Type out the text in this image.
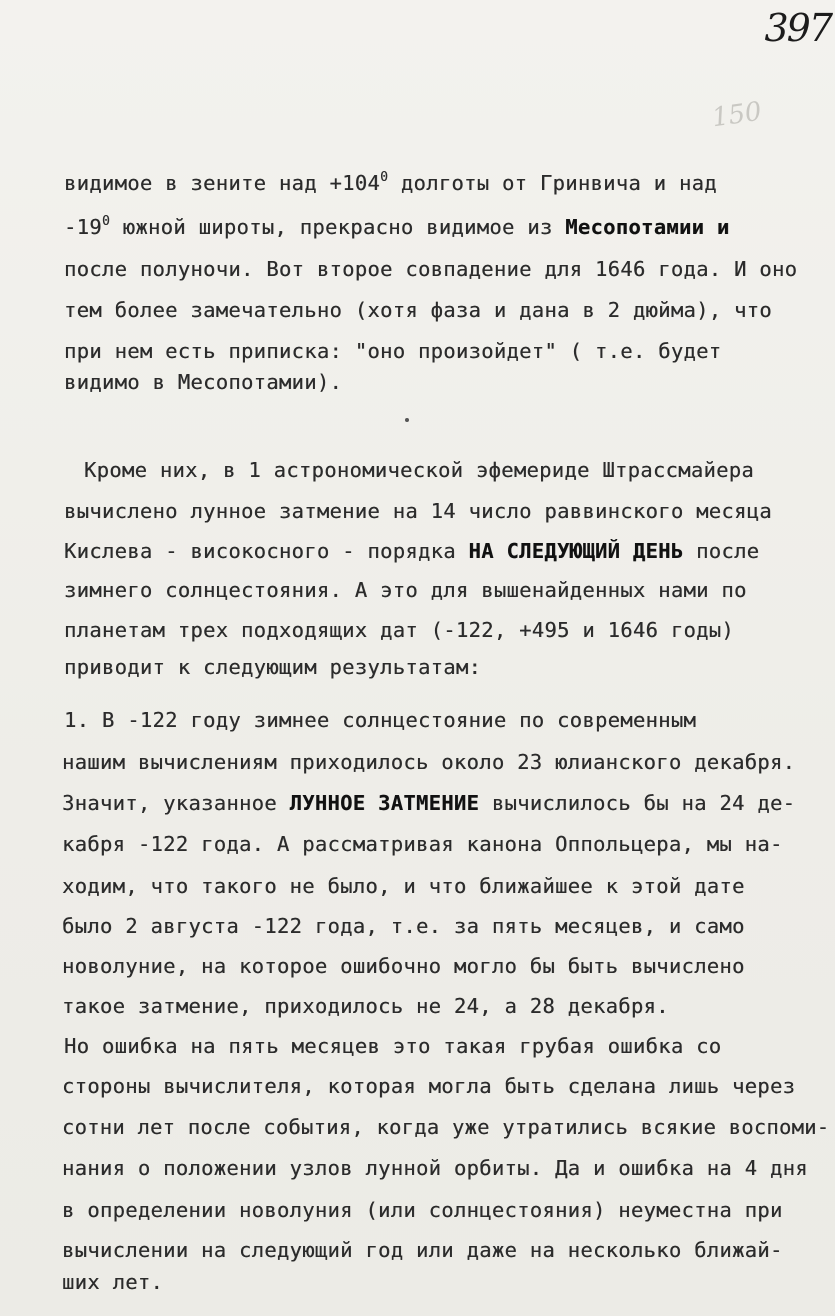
397
150
видимое в зените над $+104^0$ долготы от Гринвича и над
$-19^0$ южной широты, прекрасно видимое из Месопотамии и
после полуночи. Вот второе совпадение для 1646 года. И оно
тем более замечательно (хотя фаза и дана в 2 дюйма), что
при нем есть приписка: "оно произойдет" ( т.е. будет
видимо в Месопотамии).
Кроме них, в 1 астрономической эфемериде Штрассмайера
вычислено лунное затмение на 14 число раввинского месяца
Кислева - високосного - порядка НА СЛЕДУЮЩИЙ ДЕНЬ после
зимнего солнцестояния. А это для вышенайденных нами по
планетам трех подходящих дат (-122, +495 и 1646 годы)
приводит к следующим результатам:
1. В -122 году зимнее солнцестояние по современным
нашим вычислениям приходилось около 23 юлианского декабря.
Значит, указанное ЛУННОЕ ЗАТМЕНИЕ вычислилось бы на 24 де-
кабря -122 года. А рассматривая канона Оппольцера, мы на-
ходим, что такого не было, и что ближайшее к этой дате
было 2 августа -122 года, т.е. за пять месяцев, и само
новолуние, на которое ошибочно могло бы быть вычислено
такое затмение, приходилось не 24, а 28 декабря.
Но ошибка на пять месяцев это такая грубая ошибка со
стороны вычислителя, которая могла быть сделана лишь через
сотни лет после события, когда уже утратились всякие воспоми-
нания о положении узлов лунной орбиты. Да и ошибка на 4 дня
в определении новолуния (или солнцестояния) неуместна при
вычислении на следующий год или даже на несколько ближай-
ших лет.
